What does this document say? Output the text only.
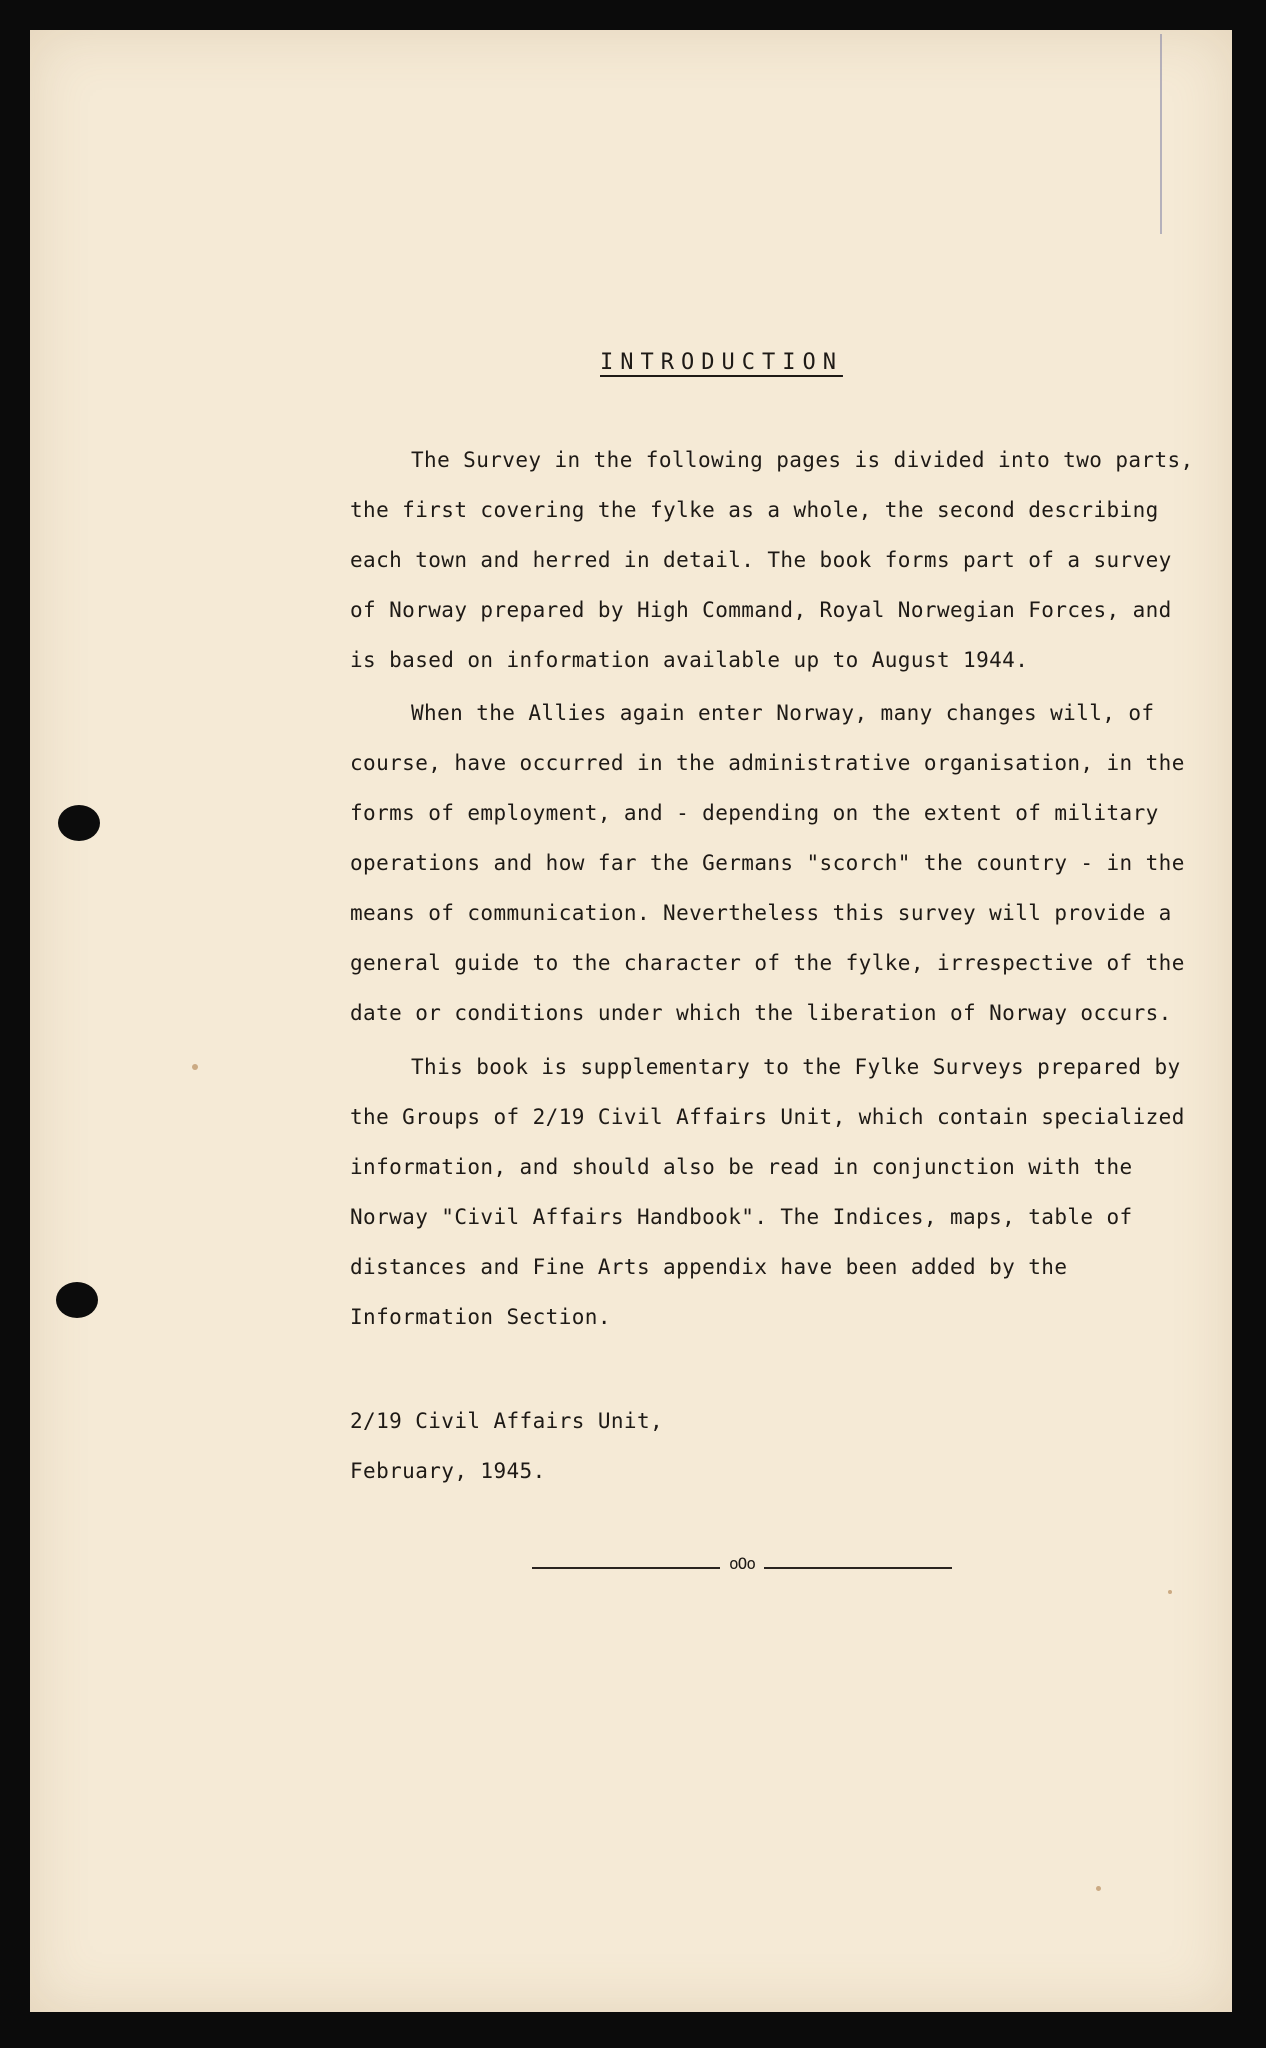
INTRODUCTION

The Survey in the following pages is divided into two parts, the first covering the fylke as a whole, the second describing each town and herred in detail. The book forms part of a survey of Norway prepared by High Command, Royal Norwegian Forces, and is based on information available up to August 1944.

When the Allies again enter Norway, many changes will, of course, have occurred in the administrative organisation, in the forms of employment, and - depending on the extent of military operations and how far the Germans "scorch" the country - in the means of communication. Nevertheless this survey will provide a general guide to the character of the fylke, irrespective of the date or conditions under which the liberation of Norway occurs.

This book is supplementary to the Fylke Surveys prepared by the Groups of 2/19 Civil Affairs Unit, which contain specialized information, and should also be read in conjunction with the Norway "Civil Affairs Handbook". The Indices, maps, table of distances and Fine Arts appendix have been added by the Information Section.

2/19 Civil Affairs Unit,

February, 1945.

oOo
